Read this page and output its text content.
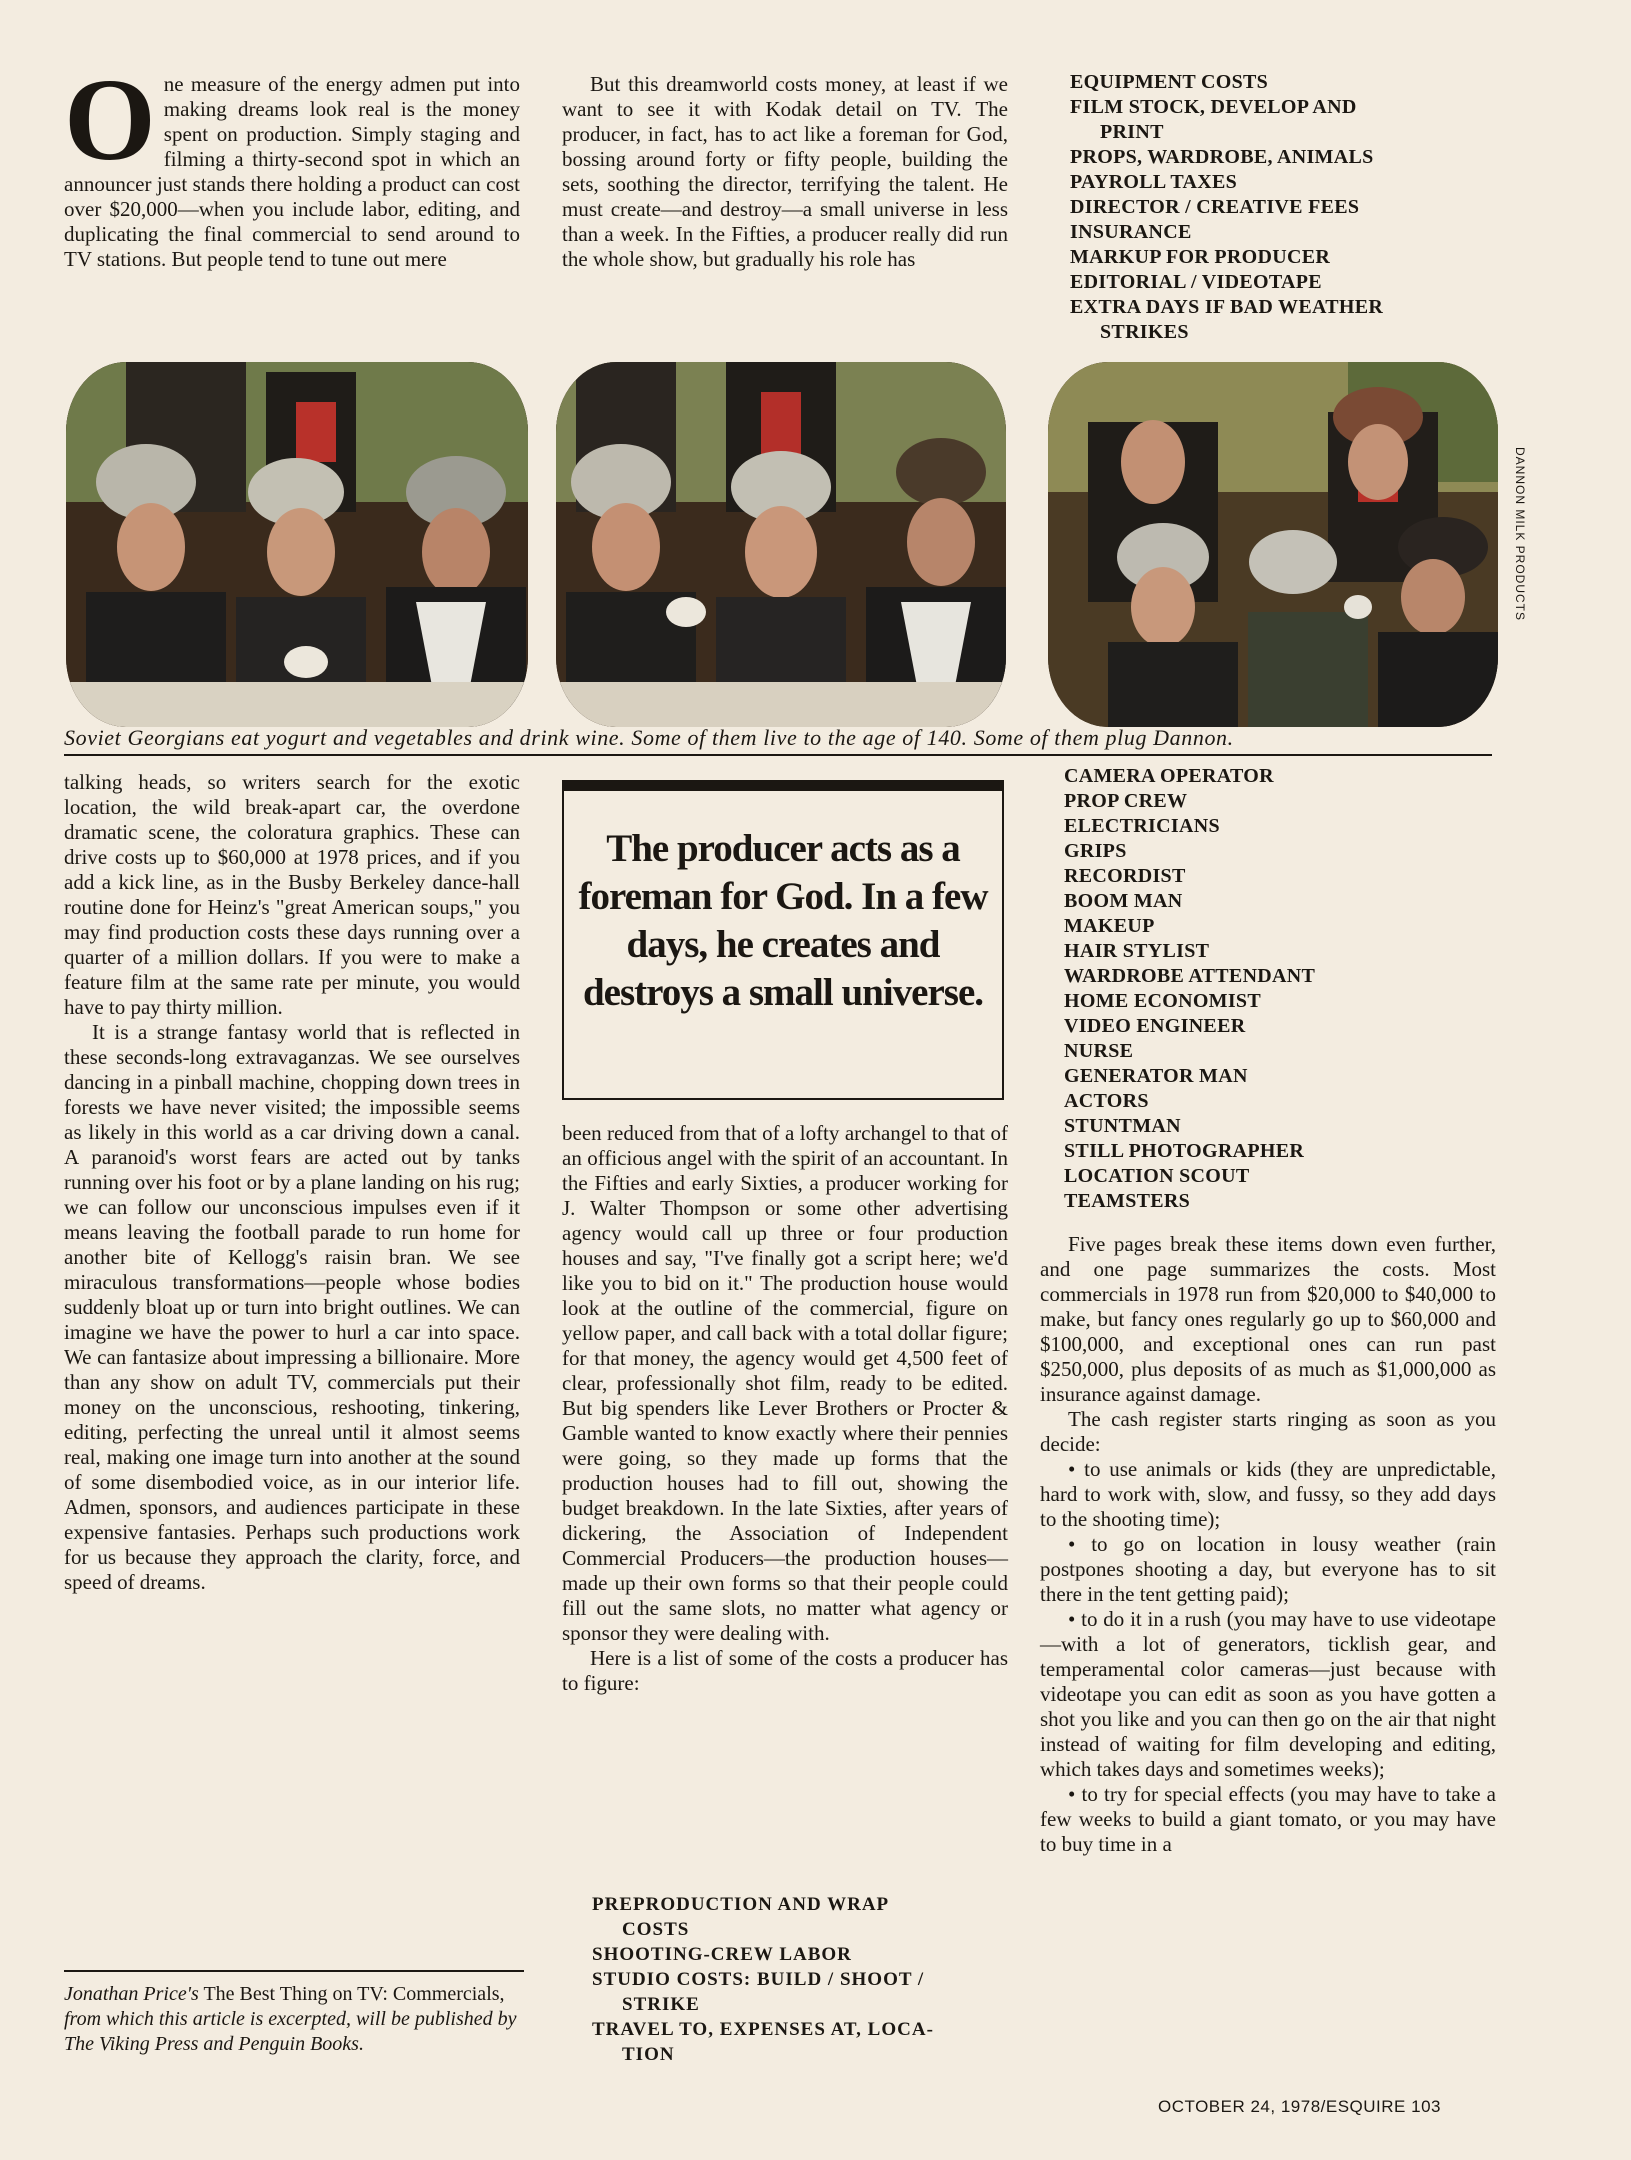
One measure of the energy admen put into making dreams look real is the money spent on production. Simply staging and filming a thirty-second spot in which an announcer just stands there holding a product can cost over $20,000—when you include labor, editing, and duplicating the final commercial to send around to TV stations. But people tend to tune out mere

But this dreamworld costs money, at least if we want to see it with Kodak detail on TV. The producer, in fact, has to act like a foreman for God, bossing around forty or fifty people, building the sets, soothing the director, terrifying the talent. He must create—and destroy—a small universe in less than a week. In the Fifties, a producer really did run the whole show, but gradually his role has

EQUIPMENT COSTS
FILM STOCK, DEVELOP AND
PRINT
PROPS, WARDROBE, ANIMALS
PAYROLL TAXES
DIRECTOR / CREATIVE FEES
INSURANCE
MARKUP FOR PRODUCER
EDITORIAL / VIDEOTAPE
EXTRA DAYS IF BAD WEATHER
STRIKES
DANNON MILK PRODUCTS
Soviet Georgians eat yogurt and vegetables and drink wine. Some of them live to the age of 140. Some of them plug Dannon.

talking heads, so writers search for the exotic location, the wild break-apart car, the overdone dramatic scene, the coloratura graphics. These can drive costs up to $60,000 at 1978 prices, and if you add a kick line, as in the Busby Berkeley dance-hall routine done for Heinz's "great American soups," you may find production costs these days running over a quarter of a million dollars. If you were to make a feature film at the same rate per minute, you would have to pay thirty million.

It is a strange fantasy world that is reflected in these seconds-long extravaganzas. We see ourselves dancing in a pinball machine, chopping down trees in forests we have never visited; the impossible seems as likely in this world as a car driving down a canal. A paranoid's worst fears are acted out by tanks running over his foot or by a plane landing on his rug; we can follow our unconscious impulses even if it means leaving the football parade to run home for another bite of Kellogg's raisin bran. We see miraculous transformations—people whose bodies suddenly bloat up or turn into bright outlines. We can imagine we have the power to hurl a car into space. We can fantasize about impressing a billionaire. More than any show on adult TV, commercials put their money on the unconscious, reshooting, tinkering, editing, perfecting the unreal until it almost seems real, making one image turn into another at the sound of some disembodied voice, as in our interior life. Admen, sponsors, and audiences participate in these expensive fantasies. Perhaps such productions work for us because they approach the clarity, force, and speed of dreams.

Jonathan Price's The Best Thing on TV: Commercials, from which this article is excerpted, will be published by The Viking Press and Penguin Books.
The producer acts as a foreman for God. In a few days, he creates and destroys a small universe.

been reduced from that of a lofty archangel to that of an officious angel with the spirit of an accountant. In the Fifties and early Sixties, a producer working for J. Walter Thompson or some other advertising agency would call up three or four production houses and say, "I've finally got a script here; we'd like you to bid on it." The production house would look at the outline of the commercial, figure on yellow paper, and call back with a total dollar figure; for that money, the agency would get 4,500 feet of clear, professionally shot film, ready to be edited. But big spenders like Lever Brothers or Procter & Gamble wanted to know exactly where their pennies were going, so they made up forms that the production houses had to fill out, showing the budget breakdown. In the late Sixties, after years of dickering, the Association of Independent Commercial Producers—the production houses—made up their own forms so that their people could fill out the same slots, no matter what agency or sponsor they were dealing with.

Here is a list of some of the costs a producer has to figure:

PREPRODUCTION AND WRAP
COSTS
SHOOTING-CREW LABOR
STUDIO COSTS: BUILD / SHOOT /
STRIKE
TRAVEL TO, EXPENSES AT, LOCA-
TION
CAMERA OPERATOR
PROP CREW
ELECTRICIANS
GRIPS
RECORDIST
BOOM MAN
MAKEUP
HAIR STYLIST
WARDROBE ATTENDANT
HOME ECONOMIST
VIDEO ENGINEER
NURSE
GENERATOR MAN
ACTORS
STUNTMAN
STILL PHOTOGRAPHER
LOCATION SCOUT
TEAMSTERS

Five pages break these items down even further, and one page summarizes the costs. Most commercials in 1978 run from $20,000 to $40,000 to make, but fancy ones regularly go up to $60,000 and $100,000, and exceptional ones can run past $250,000, plus deposits of as much as $1,000,000 as insurance against damage.

The cash register starts ringing as soon as you decide:

• to use animals or kids (they are unpredictable, hard to work with, slow, and fussy, so they add days to the shooting time);

• to go on location in lousy weather (rain postpones shooting a day, but everyone has to sit there in the tent getting paid);

• to do it in a rush (you may have to use videotape—with a lot of generators, ticklish gear, and temperamental color cameras—just because with videotape you can edit as soon as you have gotten a shot you like and you can then go on the air that night instead of waiting for film developing and editing, which takes days and sometimes weeks);

• to try for special effects (you may have to take a few weeks to build a giant tomato, or you may have to buy time in a

OCTOBER 24, 1978/ESQUIRE 103
